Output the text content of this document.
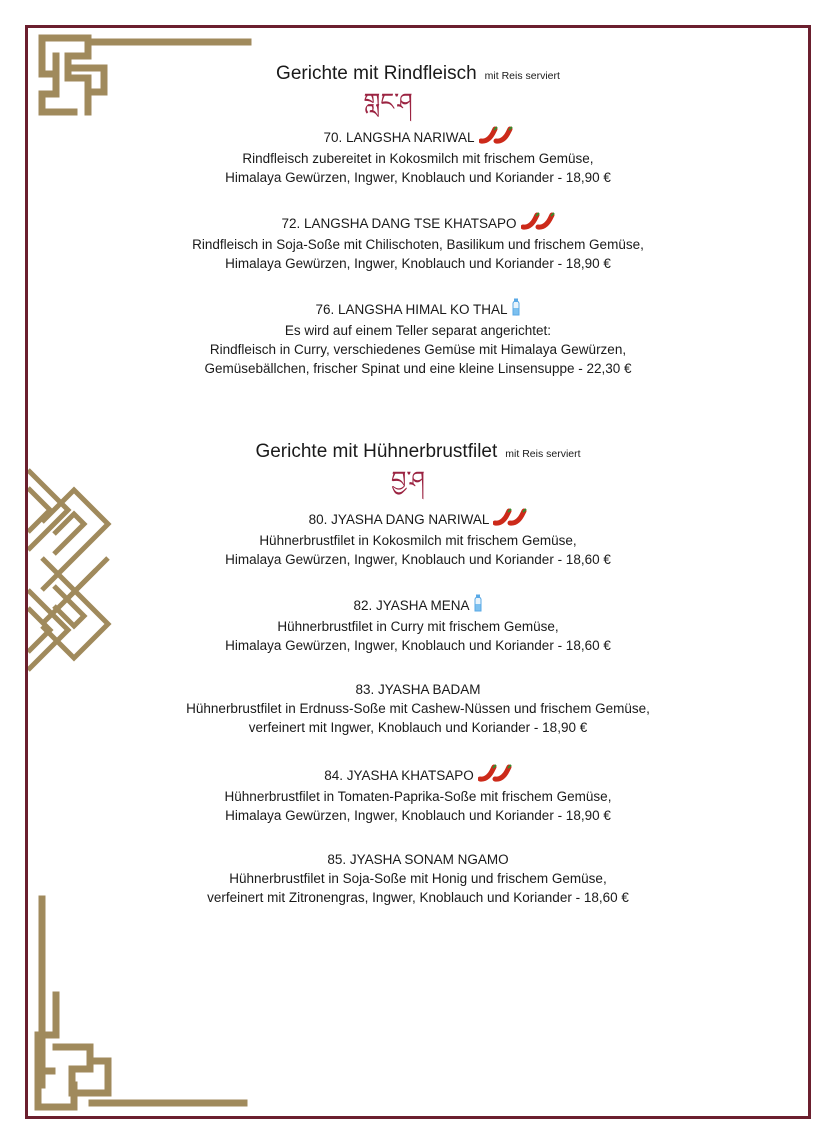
Gerichte mit Rindfleisch mit Reis serviert
གླང་ཤ
70. LANGSHA NARIWAL
Rindfleisch zubereitet in Kokosmilch mit frischem Gemüse,
Himalaya Gewürzen, Ingwer, Knoblauch und Koriander - 18,90 €
72. LANGSHA DANG TSE KHATSAPO
Rindfleisch in Soja-Soße mit Chilischoten, Basilikum und frischem Gemüse,
Himalaya Gewürzen, Ingwer, Knoblauch und Koriander - 18,90 €
76. LANGSHA HIMAL KO THAL
Es wird auf einem Teller separat angerichtet:
Rindfleisch in Curry, verschiedenes Gemüse mit Himalaya Gewürzen,
Gemüsebällchen, frischer Spinat und eine kleine Linsensuppe - 22,30 €
Gerichte mit Hühnerbrustfilet mit Reis serviert
བྱ་ཤ
80. JYASHA DANG NARIWAL
Hühnerbrustfilet in Kokosmilch mit frischem Gemüse,
Himalaya Gewürzen, Ingwer, Knoblauch und Koriander - 18,60 €
82. JYASHA MENA
Hühnerbrustfilet in Curry mit frischem Gemüse,
Himalaya Gewürzen, Ingwer, Knoblauch und Koriander - 18,60 €
83. JYASHA BADAM
Hühnerbrustfilet in Erdnuss-Soße mit Cashew-Nüssen und frischem Gemüse,
verfeinert mit Ingwer, Knoblauch und Koriander - 18,90 €
84. JYASHA KHATSAPO
Hühnerbrustfilet in Tomaten-Paprika-Soße mit frischem Gemüse,
Himalaya Gewürzen, Ingwer, Knoblauch und Koriander - 18,90 €
85. JYASHA SONAM NGAMO
Hühnerbrustfilet in Soja-Soße mit Honig und frischem Gemüse,
verfeinert mit Zitronengras, Ingwer, Knoblauch und Koriander - 18,60 €
